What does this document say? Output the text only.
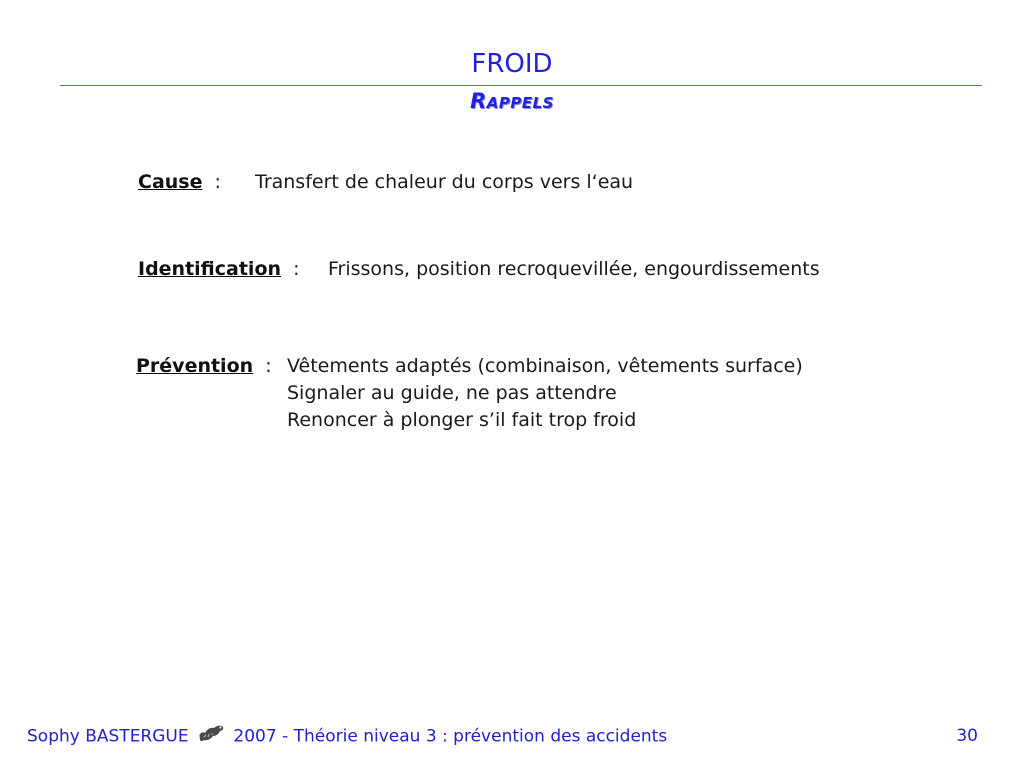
FROID
Rappels
Cause : Transfert de chaleur du corps vers l‘eau
Identification : Frissons, position recroquevillée, engourdissements
Prévention : Vêtements adaptés (combinaison, vêtements surface)
Signaler au guide, ne pas attendre
Renoncer à plonger s’il fait trop froid
Sophy BASTERGUE	2007 - Théorie niveau 3 : prévention des accidents	30
